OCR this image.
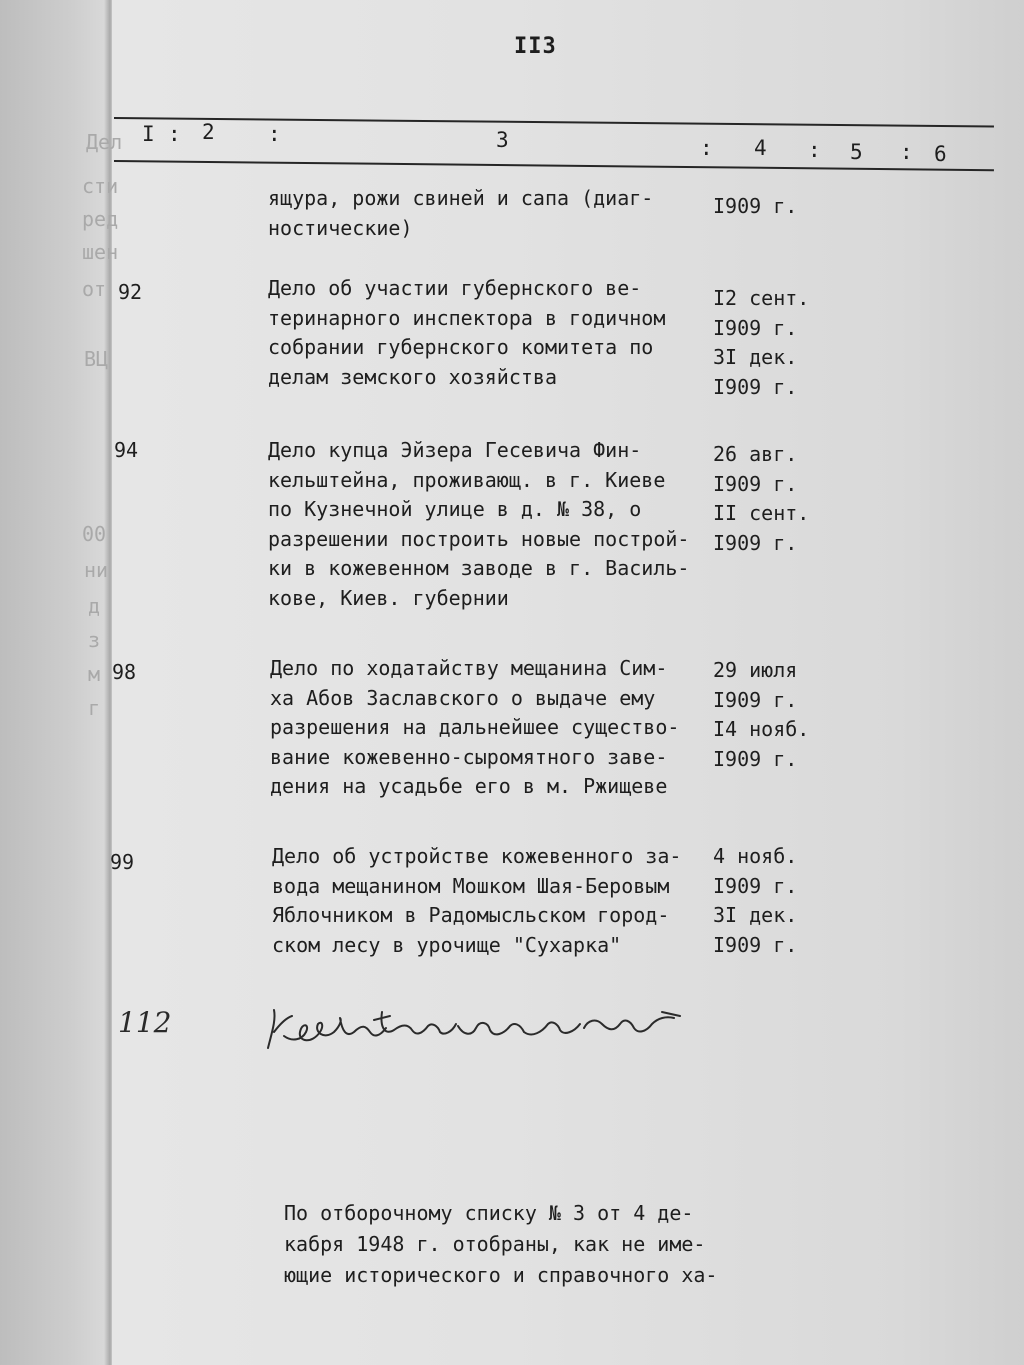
Дел
сти
ред
шен
от
ВЦ
00
ни
д
з
м
г
II3
I : 2	:	3	: 4 : 5 : 6
ящура, рожи свиней и сапа (диаг-
ностические)
I909 г.
92	Дело об участии губернского ве-
теринарного инспектора в годичном
собрании губернского комитета по
делам земского хозяйства
I2 сент.
I909 г.
3I дек.
I909 г.
94	Дело купца Эйзера Гесевича Фин-
кельштейна, проживающ. в г. Киеве
по Кузнечной улице в д. № 38, о
разрешении построить новые построй-
ки в кожевенном заводе в г. Василь-
кове, Киев. губернии
26 авг.
I909 г.
II сент.
I909 г.
98	Дело по ходатайству мещанина Сим-
ха Абов Заславского о выдаче ему
разрешения на дальнейшее существо-
вание кожевенно-сыромятного заве-
дения на усадьбе его в м. Ржищеве
29 июля
I909 г.
I4 нояб.
I909 г.
99	Дело об устройстве кожевенного за-
вода мещанином Мошком Шая-Беровым
Яблочником в Радомысльском город-
ском лесу в урочище "Сухарка"
4 нояб.
I909 г.
3I дек.
I909 г.
112
По отборочному списку № 3 от 4 де-
кабря 1948 г. отобраны, как не име-
ющие исторического и справочного ха-
